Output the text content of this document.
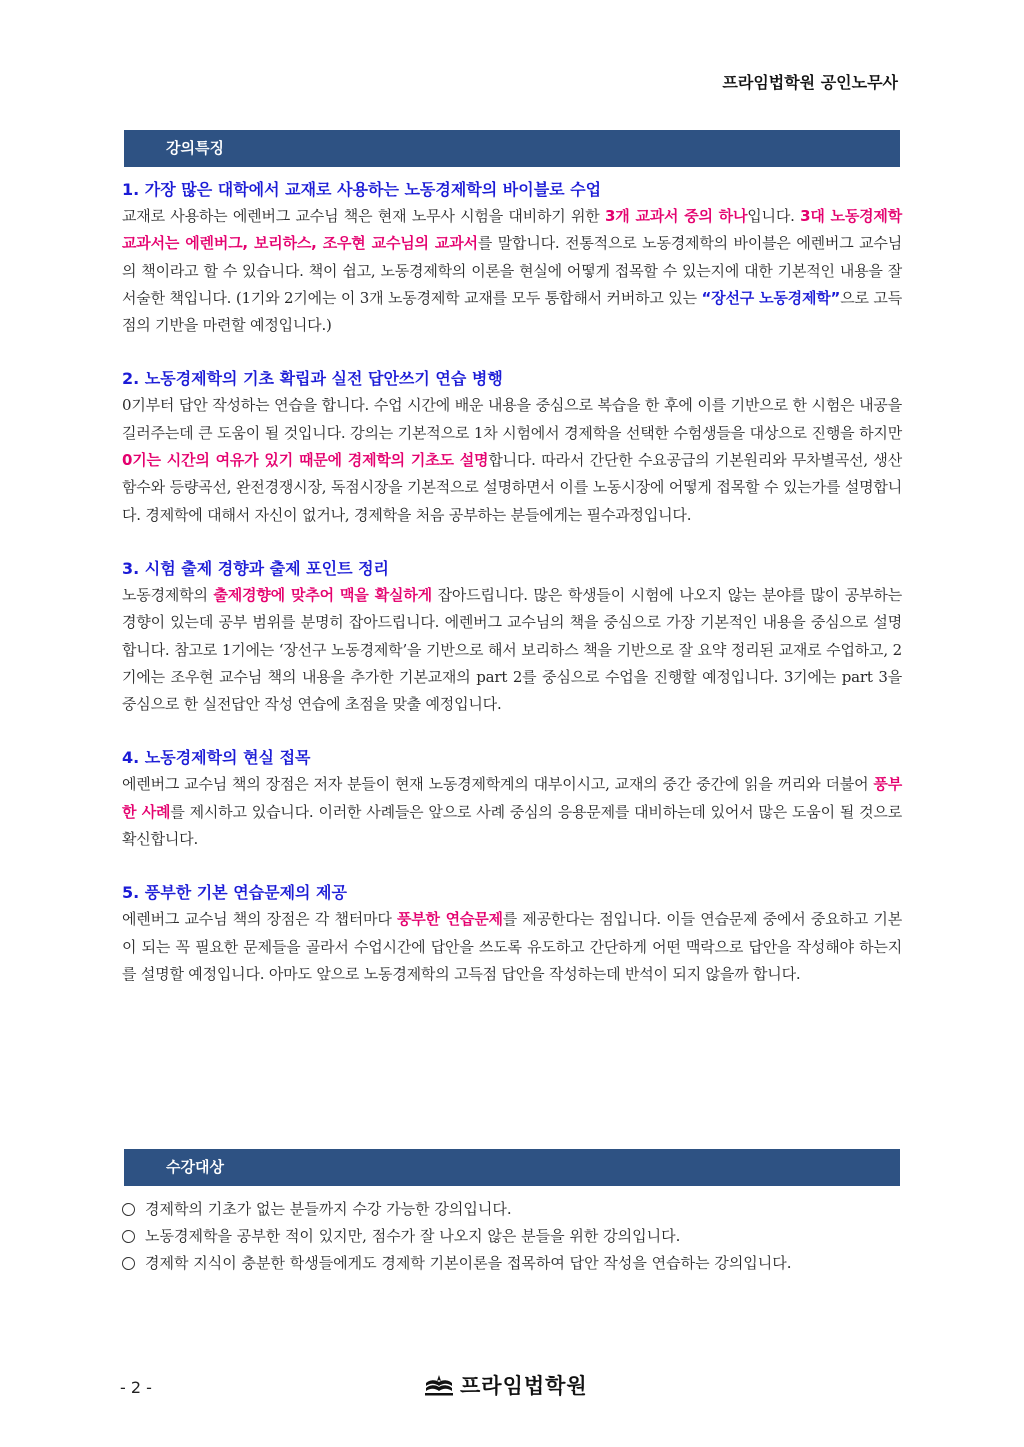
프라임법학원 공인노무사
강의특징

1. 가장 많은 대학에서 교재로 사용하는 노동경제학의 바이블로 수업

교재로 사용하는 에렌버그 교수님 책은 현재 노무사 시험을 대비하기 위한 3개 교과서 중의 하나입니다. 3대 노동경제학 교과서는 에렌버그, 보리하스, 조우현 교수님의 교과서를 말합니다. 전통적으로 노동경제학의 바이블은 에렌버그 교수님의 책이라고 할 수 있습니다. 책이 쉽고, 노동경제학의 이론을 현실에 어떻게 접목할 수 있는지에 대한 기본적인 내용을 잘 서술한 책입니다. (1기와 2기에는 이 3개 노동경제학 교재를 모두 통합해서 커버하고 있는 “장선구 노동경제학”으로 고득점의 기반을 마련할 예정입니다.)

2. 노동경제학의 기초 확립과 실전 답안쓰기 연습 병행

0기부터 답안 작성하는 연습을 합니다. 수업 시간에 배운 내용을 중심으로 복습을 한 후에 이를 기반으로 한 시험은 내공을 길러주는데 큰 도움이 될 것입니다. 강의는 기본적으로 1차 시험에서 경제학을 선택한 수험생들을 대상으로 진행을 하지만 0기는 시간의 여유가 있기 때문에 경제학의 기초도 설명합니다. 따라서 간단한 수요공급의 기본원리와 무차별곡선, 생산함수와 등량곡선, 완전경쟁시장, 독점시장을 기본적으로 설명하면서 이를 노동시장에 어떻게 접목할 수 있는가를 설명합니다. 경제학에 대해서 자신이 없거나, 경제학을 처음 공부하는 분들에게는 필수과정입니다.

3. 시험 출제 경향과 출제 포인트 정리

노동경제학의 출제경향에 맞추어 맥을 확실하게 잡아드립니다. 많은 학생들이 시험에 나오지 않는 분야를 많이 공부하는 경향이 있는데 공부 범위를 분명히 잡아드립니다. 에렌버그 교수님의 책을 중심으로 가장 기본적인 내용을 중심으로 설명합니다. 참고로 1기에는 ‘장선구 노동경제학’을 기반으로 해서 보리하스 책을 기반으로 잘 요약 정리된 교재로 수업하고, 2기에는 조우현 교수님 책의 내용을 추가한 기본교재의 part 2를 중심으로 수업을 진행할 예정입니다. 3기에는 part 3을 중심으로 한 실전답안 작성 연습에 초점을 맞출 예정입니다.

4. 노동경제학의 현실 접목

에렌버그 교수님 책의 장점은 저자 분들이 현재 노동경제학계의 대부이시고, 교재의 중간 중간에 읽을 꺼리와 더불어 풍부한 사례를 제시하고 있습니다. 이러한 사례들은 앞으로 사례 중심의 응용문제를 대비하는데 있어서 많은 도움이 될 것으로 확신합니다.

5. 풍부한 기본 연습문제의 제공

에렌버그 교수님 책의 장점은 각 챕터마다 풍부한 연습문제를 제공한다는 점입니다. 이들 연습문제 중에서 중요하고 기본이 되는 꼭 필요한 문제들을 골라서 수업시간에 답안을 쓰도록 유도하고 간단하게 어떤 맥락으로 답안을 작성해야 하는지를 설명할 예정입니다. 아마도 앞으로 노동경제학의 고득점 답안을 작성하는데 반석이 되지 않을까 합니다.

수강대상
경제학의 기초가 없는 분들까지 수강 가능한 강의입니다.
노동경제학을 공부한 적이 있지만, 점수가 잘 나오지 않은 분들을 위한 강의입니다.
경제학 지식이 충분한 학생들에게도 경제학 기본이론을 접목하여 답안 작성을 연습하는 강의입니다.
- 2 -	프라임법학원
